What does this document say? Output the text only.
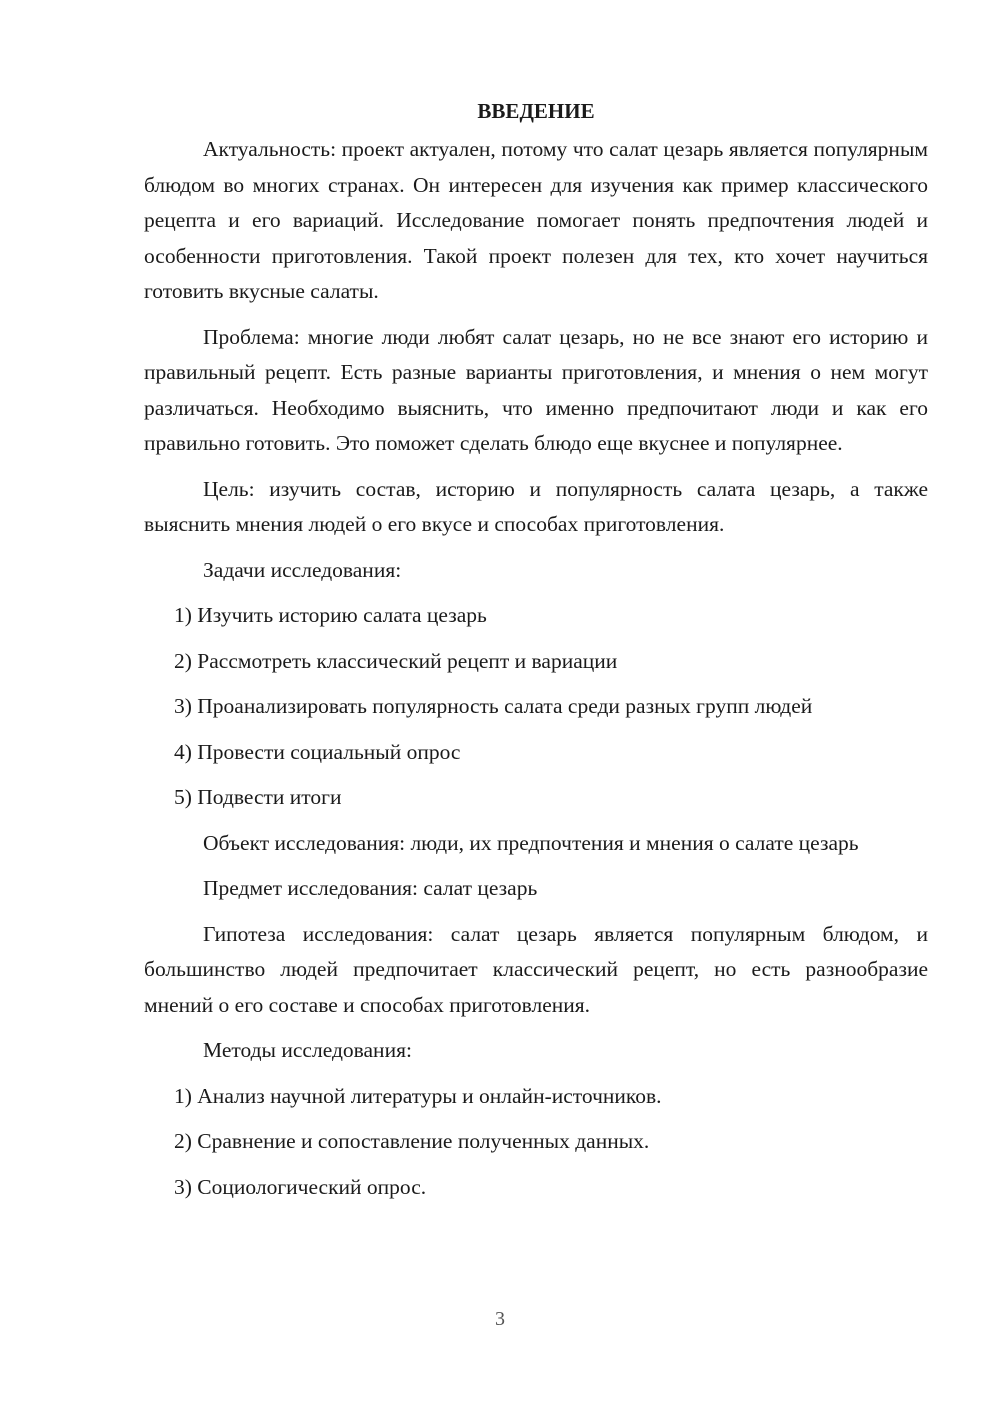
ВВЕДЕНИЕ

Актуальность: проект актуален, потому что салат цезарь является популярным блюдом во многих странах. Он интересен для изучения как пример классического рецепта и его вариаций. Исследование помогает понять предпочтения людей и особенности приготовления. Такой проект полезен для тех, кто хочет научиться готовить вкусные салаты.

Проблема: многие люди любят салат цезарь, но не все знают его историю и правильный рецепт. Есть разные варианты приготовления, и мнения о нем могут различаться. Необходимо выяснить, что именно предпочитают люди и как его правильно готовить. Это поможет сделать блюдо еще вкуснее и популярнее.

Цель: изучить состав, историю и популярность салата цезарь, а также выяснить мнения людей о его вкусе и способах приготовления.

Задачи исследования:

1) Изучить историю салата цезарь
2) Рассмотреть классический рецепт и вариации
3) Проанализировать популярность салата среди разных групп людей
4) Провести социальный опрос
5) Подвести итоги

Объект исследования: люди, их предпочтения и мнения о салате цезарь

Предмет исследования: салат цезарь

Гипотеза исследования: салат цезарь является популярным блюдом, и большинство людей предпочитает классический рецепт, но есть разнообразие мнений о его составе и способах приготовления.

Методы исследования:

1) Анализ научной литературы и онлайн-источников.
2) Сравнение и сопоставление полученных данных.
3) Социологический опрос.
3
